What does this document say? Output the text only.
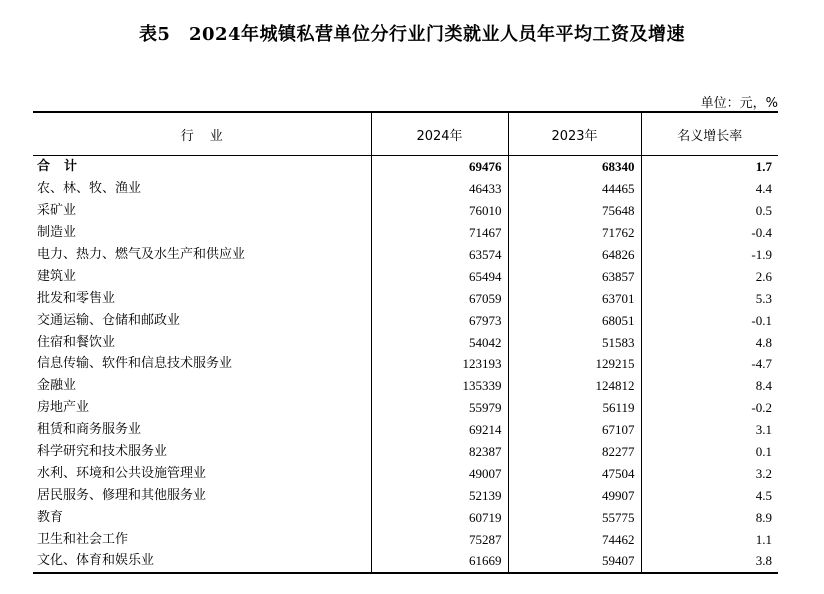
表5　2024年城镇私营单位分行业门类就业人员年平均工资及增速
单位：元，%
行业	2024年	2023年	名义增长率
合计	69476	68340	1.7
农、林、牧、渔业	46433	44465	4.4
采矿业	76010	75648	0.5
制造业	71467	71762	-0.4
电力、热力、燃气及水生产和供应业	63574	64826	-1.9
建筑业	65494	63857	2.6
批发和零售业	67059	63701	5.3
交通运输、仓储和邮政业	67973	68051	-0.1
住宿和餐饮业	54042	51583	4.8
信息传输、软件和信息技术服务业	123193	129215	-4.7
金融业	135339	124812	8.4
房地产业	55979	56119	-0.2
租赁和商务服务业	69214	67107	3.1
科学研究和技术服务业	82387	82277	0.1
水利、环境和公共设施管理业	49007	47504	3.2
居民服务、修理和其他服务业	52139	49907	4.5
教育	60719	55775	8.9
卫生和社会工作	75287	74462	1.1
文化、体育和娱乐业	61669	59407	3.8
